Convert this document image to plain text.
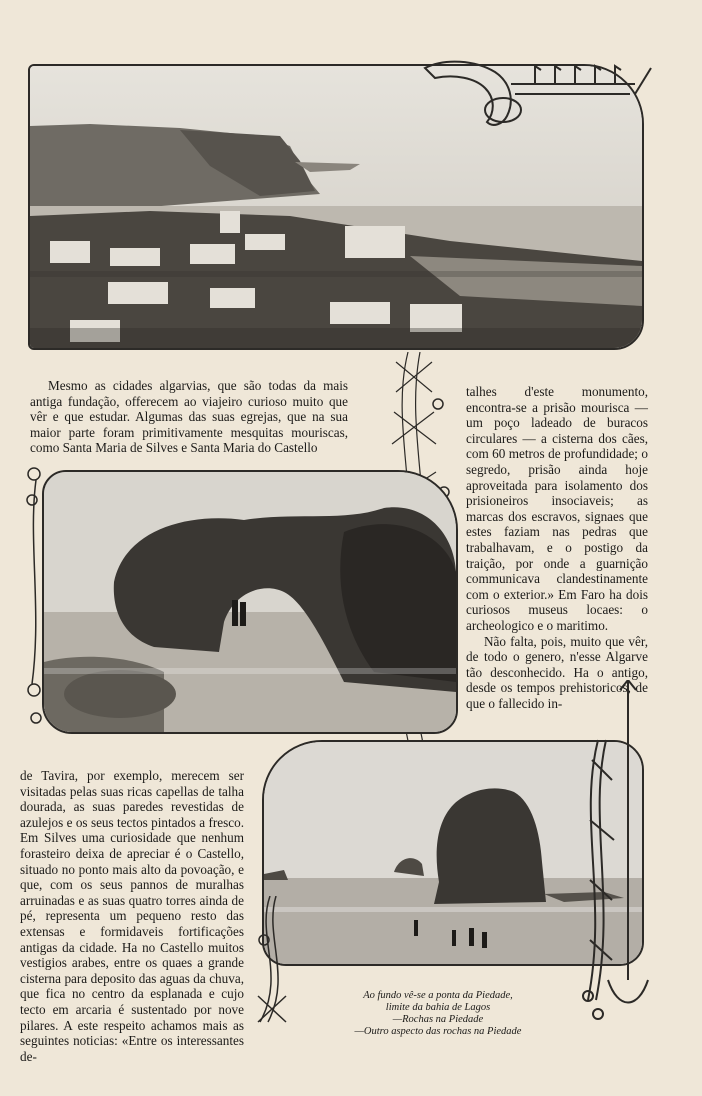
Mesmo as cidades algarvias, que são todas da mais antiga fundação, offerecem ao viajeiro curioso muito que vêr e que estudar. Algumas das suas egrejas, que na sua maior parte foram primitivamente mesquitas mouriscas, como Santa Maria de Silves e Santa Maria do Castello

talhes d'este monumento, encontra-se a prisão mourisca — um poço ladeado de buracos circulares — a cisterna dos cães, com 60 metros de profundidade; o segredo, prisão ainda hoje aproveitada para isolamento dos prisioneiros insociaveis; as marcas dos escravos, signaes que estes faziam nas pedras que trabalhavam, e o postigo da traição, por onde a guarnição communicava clandestinamente com o exterior.» Em Faro ha dois curiosos museus locaes: o archeologico e o maritimo.

Não falta, pois, muito que vêr, de todo o genero, n'esse Algarve tão desconhecido. Ha o antigo, desde os tempos prehistoricos, de que o fallecido in-

de Tavira, por exemplo, merecem ser visitadas pelas suas ricas capellas de talha dourada, as suas paredes revestidas de azulejos e os seus tectos pintados a fresco. Em Silves uma curiosidade que nenhum forasteiro deixa de apreciar é o Castello, situado no ponto mais alto da povoação, e que, com os seus pannos de muralhas arruinadas e as suas quatro torres ainda de pé, representa um pequeno resto das extensas e formidaveis fortificações antigas da cidade. Ha no Castello muitos vestigios arabes, entre os quaes a grande cisterna para deposito das aguas da chuva, que fica no centro da esplanada e cujo tecto em arcaria é sustentado por nove pilares. A este respeito achamos mais as seguintes noticias: «Entre os interessantes de-

Ao fundo vê-se a ponta da Piedade,
limite da bahia de Lagos
—Rochas na Piedade
—Outro aspecto das rochas na Piedade
